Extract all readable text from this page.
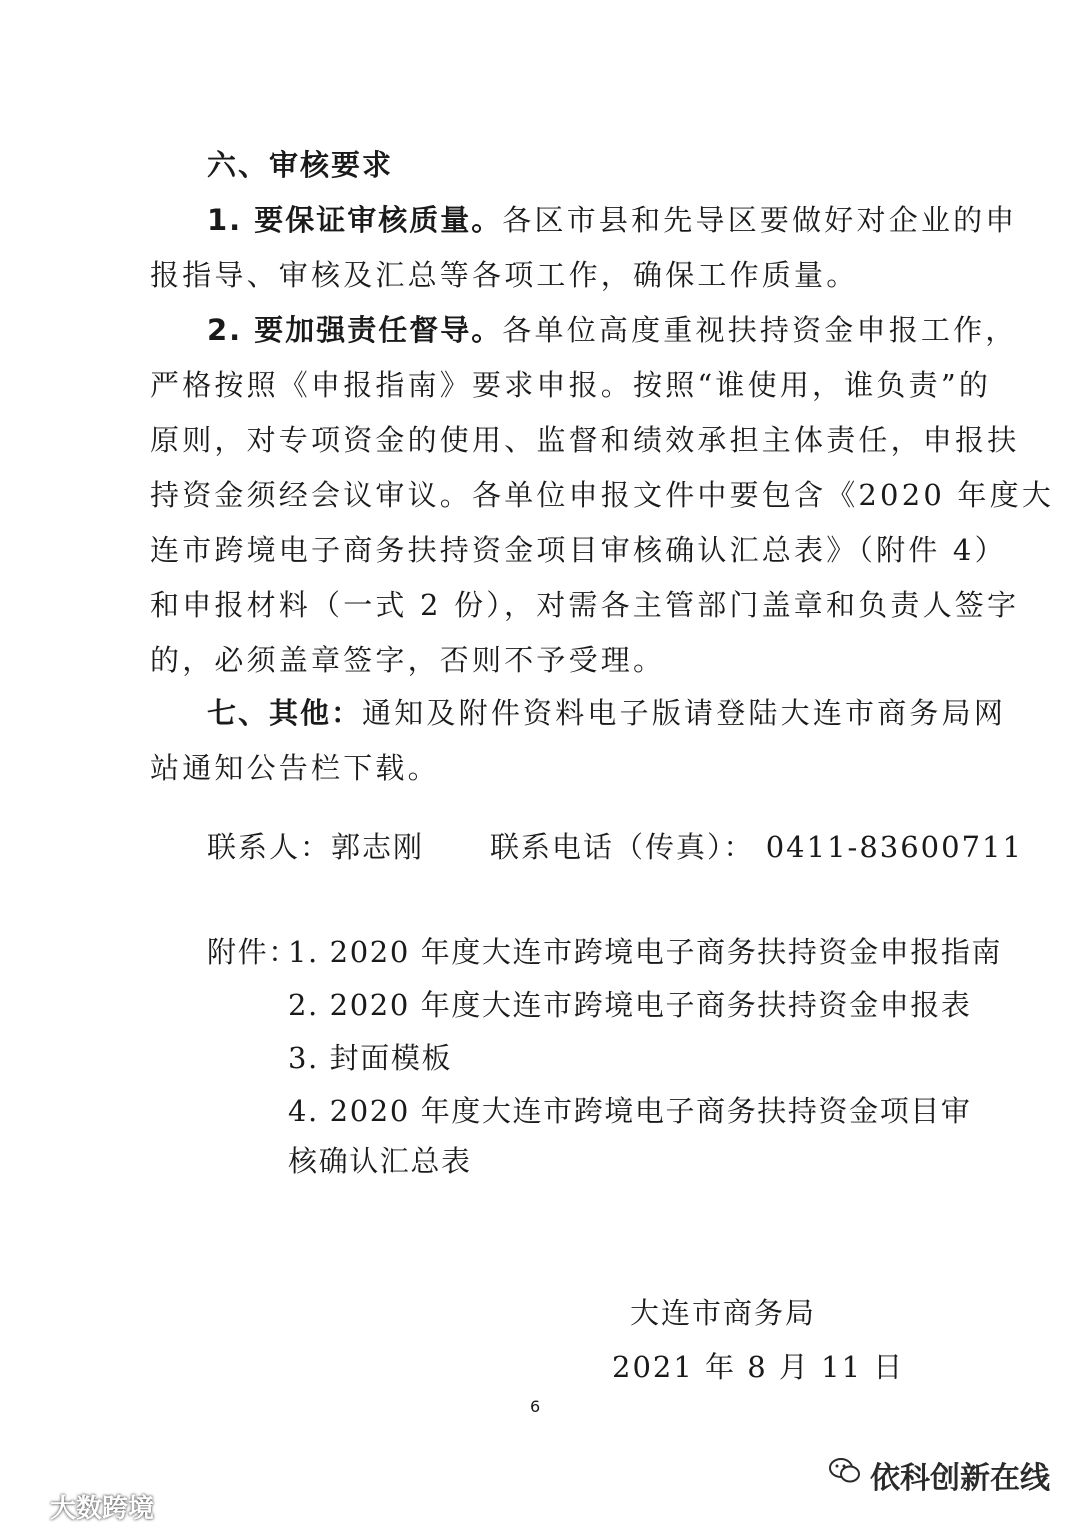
六、审核要求
1. 要保证审核质量。各区市县和先导区要做好对企业的申
报指导、审核及汇总等各项工作，确保工作质量。
2. 要加强责任督导。各单位高度重视扶持资金申报工作，
严格按照《申报指南》要求申报。按照“谁使用，谁负责”的
原则，对专项资金的使用、监督和绩效承担主体责任，申报扶
持资金须经会议审议。各单位申报文件中要包含《2020 年度大
连市跨境电子商务扶持资金项目审核确认汇总表》（附件 4）
和申报材料（一式 2 份），对需各主管部门盖章和负责人签字
的，必须盖章签字，否则不予受理。
七、其他：通知及附件资料电子版请登陆大连市商务局网
站通知公告栏下载。
联系人：郭志刚 联系电话（传真）： 0411-83600711
附件：
1. 2020 年度大连市跨境电子商务扶持资金申报指南
2. 2020 年度大连市跨境电子商务扶持资金申报表
3. 封面模板
4. 2020 年度大连市跨境电子商务扶持资金项目审
核确认汇总表
大连市商务局
2021 年 8 月 11 日
6
依科创新在线
大数跨境
